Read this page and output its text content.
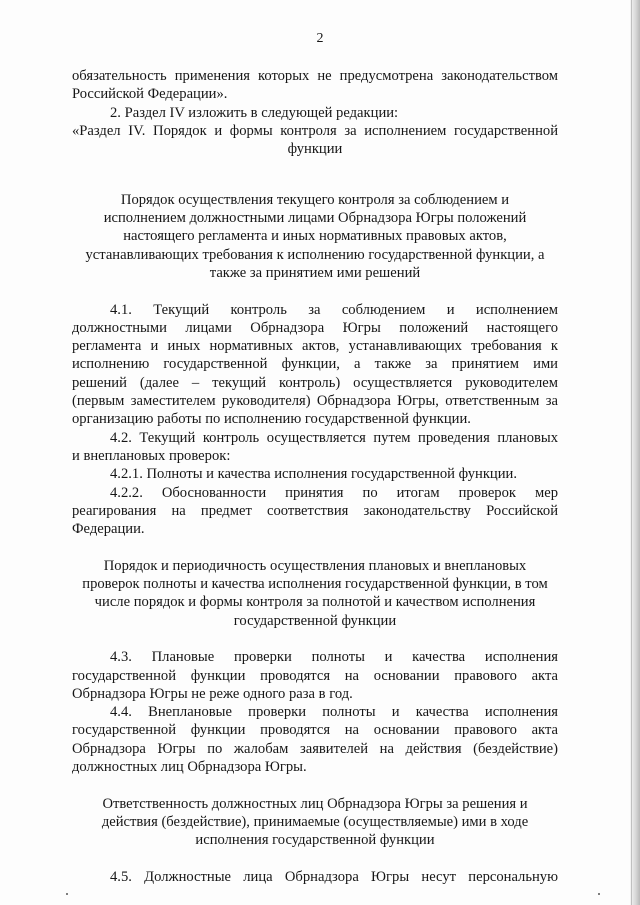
2
обязательность применения которых не предусмотрена законодательством
Российской Федерации».
2. Раздел IV изложить в следующей редакции:
«Раздел IV. Порядок и формы контроля за исполнением государственной
функции
Порядок осуществления текущего контроля за соблюдением и
исполнением должностными лицами Обрнадзора Югры положений
настоящего регламента и иных нормативных правовых актов,
устанавливающих требования к исполнению государственной функции, а
также за принятием ими решений
4.1. Текущий контроль за соблюдением и исполнением
должностными лицами Обрнадзора Югры положений настоящего
регламента и иных нормативных актов, устанавливающих требования к
исполнению государственной функции, а также за принятием ими
решений (далее – текущий контроль) осуществляется руководителем
(первым заместителем руководителя) Обрнадзора Югры, ответственным за
организацию работы по исполнению государственной функции.
4.2. Текущий контроль осуществляется путем проведения плановых
и внеплановых проверок:
4.2.1. Полноты и качества исполнения государственной функции.
4.2.2. Обоснованности принятия по итогам проверок мер
реагирования на предмет соответствия законодательству Российской
Федерации.
Порядок и периодичность осуществления плановых и внеплановых
проверок полноты и качества исполнения государственной функции, в том
числе порядок и формы контроля за полнотой и качеством исполнения
государственной функции
4.3. Плановые проверки полноты и качества исполнения
государственной функции проводятся на основании правового акта
Обрнадзора Югры не реже одного раза в год.
4.4. Внеплановые проверки полноты и качества исполнения
государственной функции проводятся на основании правового акта
Обрнадзора Югры по жалобам заявителей на действия (бездействие)
должностных лиц Обрнадзора Югры.
Ответственность должностных лиц Обрнадзора Югры за решения и
действия (бездействие), принимаемые (осуществляемые) ими в ходе
исполнения государственной функции
4.5. Должностные лица Обрнадзора Югры несут персональную
